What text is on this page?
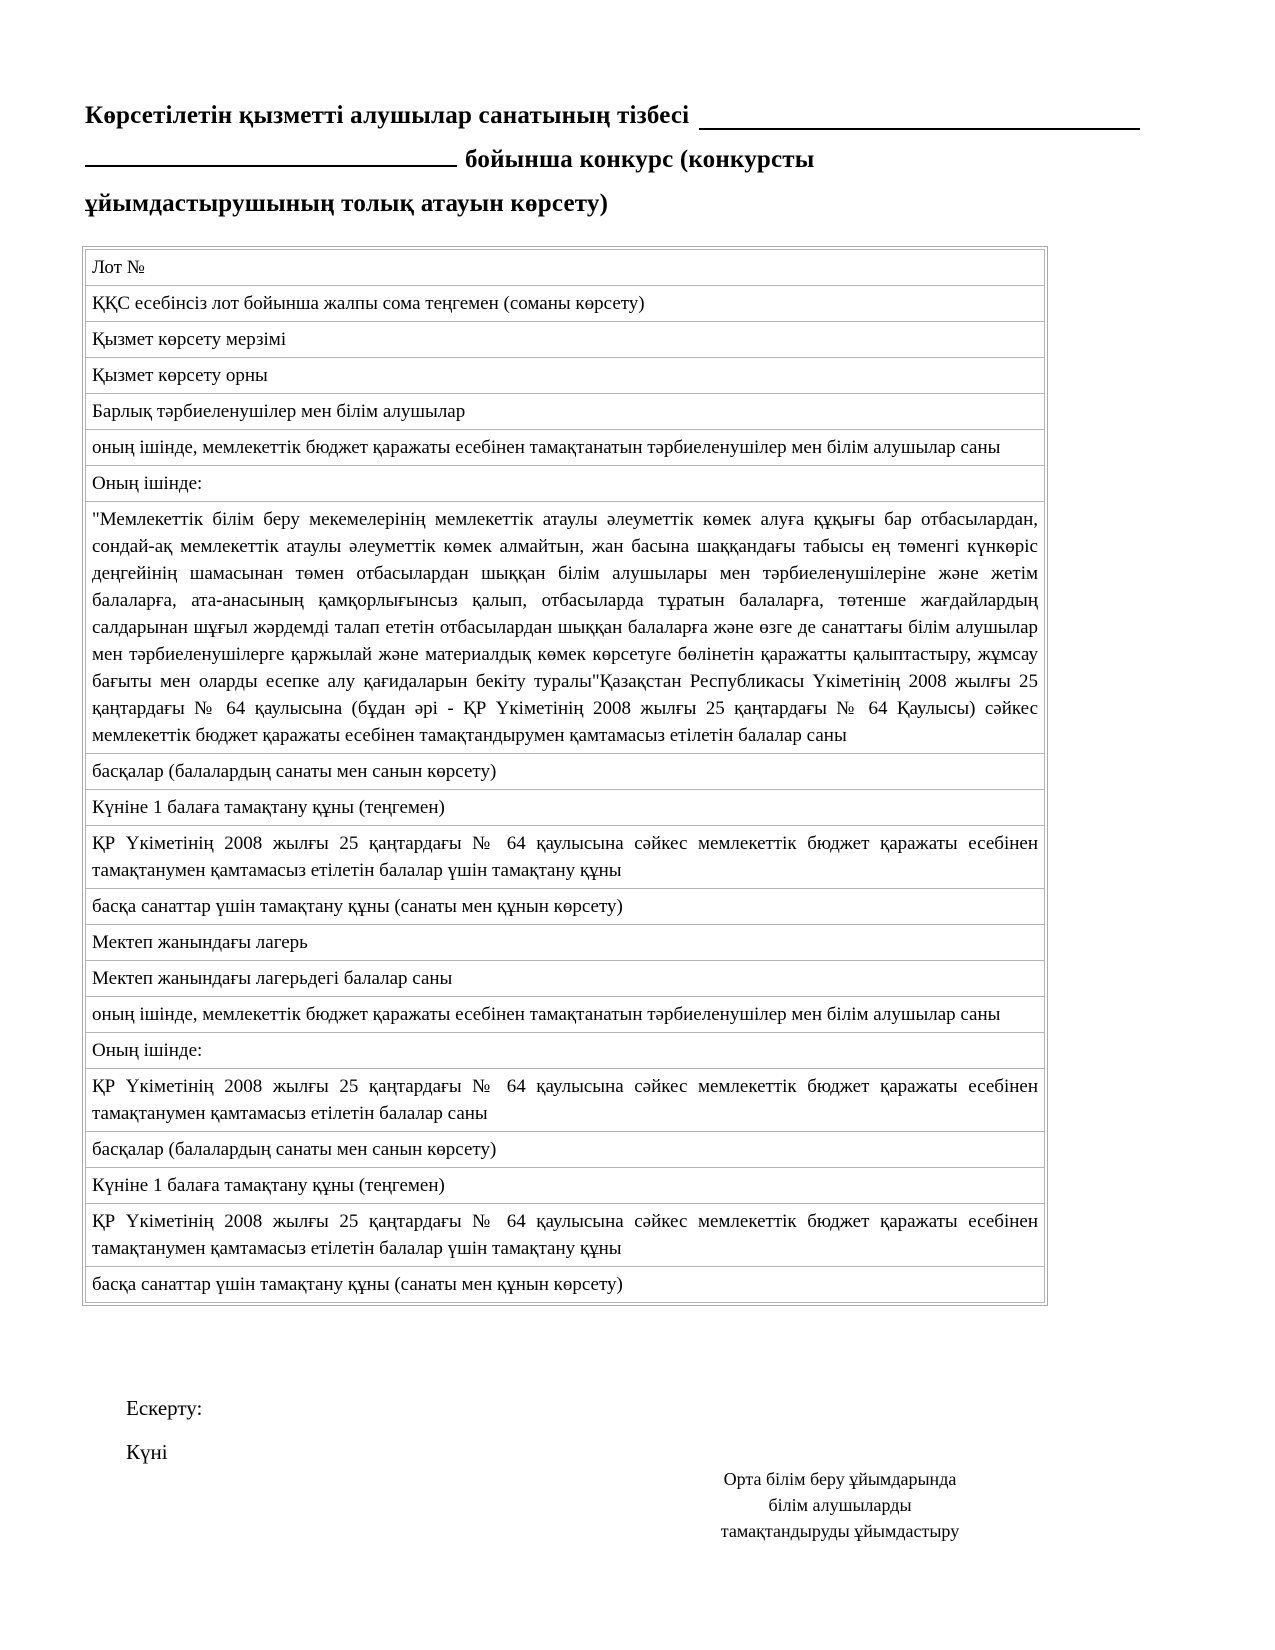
Көрсетілетін қызметті алушылар санатының тізбесі
бойынша конкурс (конкурсты
ұйымдастырушының толық атауын көрсету)
Лот №
ҚҚС есебінсіз лот бойынша жалпы сома теңгемен (соманы көрсету)
Қызмет көрсету мерзімі
Қызмет көрсету орны
Барлық тәрбиеленушілер мен білім алушылар
оның ішінде, мемлекеттік бюджет қаражаты есебінен тамақтанатын тәрбиеленушілер мен білім алушылар саны
Оның ішінде:
"Мемлекеттік білім беру мекемелерінің мемлекеттік атаулы әлеуметтік көмек алуға құқығы бар отбасылардан, сондай-ақ мемлекеттік атаулы әлеуметтік көмек алмайтын, жан басына шаққандағы табысы ең төменгі күнкөріс деңгейінің шамасынан төмен отбасылардан шыққан білім алушылары мен тәрбиеленушілеріне және жетім балаларға, ата-анасының қамқорлығынсыз қалып, отбасыларда тұратын балаларға, төтенше жағдайлардың салдарынан шұғыл жәрдемді талап ететін отбасылардан шыққан балаларға және өзге де санаттағы білім алушылар мен тәрбиеленушілерге қаржылай және материалдық көмек көрсетуге бөлінетін қаражатты қалыптастыру, жұмсау бағыты мен оларды есепке алу қағидаларын бекіту туралы"Қазақстан Республикасы Үкіметінің 2008 жылғы 25 қаңтардағы № 64 қаулысына (бұдан әрі - ҚР Үкіметінің 2008 жылғы 25 қаңтардағы № 64 Қаулысы) сәйкес мемлекеттік бюджет қаражаты есебінен тамақтандырумен қамтамасыз етілетін балалар саны
басқалар (балалардың санаты мен санын көрсету)
Күніне 1 балаға тамақтану құны (теңгемен)
ҚР Үкіметінің 2008 жылғы 25 қаңтардағы № 64 қаулысына сәйкес мемлекеттік бюджет қаражаты есебінен тамақтанумен қамтамасыз етілетін балалар үшін тамақтану құны
басқа санаттар үшін тамақтану құны (санаты мен құнын көрсету)
Мектеп жанындағы лагерь
Мектеп жанындағы лагерьдегі балалар саны
оның ішінде, мемлекеттік бюджет қаражаты есебінен тамақтанатын тәрбиеленушілер мен білім алушылар саны
Оның ішінде:
ҚР Үкіметінің 2008 жылғы 25 қаңтардағы № 64 қаулысына сәйкес мемлекеттік бюджет қаражаты есебінен тамақтанумен қамтамасыз етілетін балалар саны
басқалар (балалардың санаты мен санын көрсету)
Күніне 1 балаға тамақтану құны (теңгемен)
ҚР Үкіметінің 2008 жылғы 25 қаңтардағы № 64 қаулысына сәйкес мемлекеттік бюджет қаражаты есебінен тамақтанумен қамтамасыз етілетін балалар үшін тамақтану құны
басқа санаттар үшін тамақтану құны (санаты мен құнын көрсету)
Ескерту:
Күні
Орта білім беру ұйымдарында
білім алушыларды
тамақтандыруды ұйымдастыру
